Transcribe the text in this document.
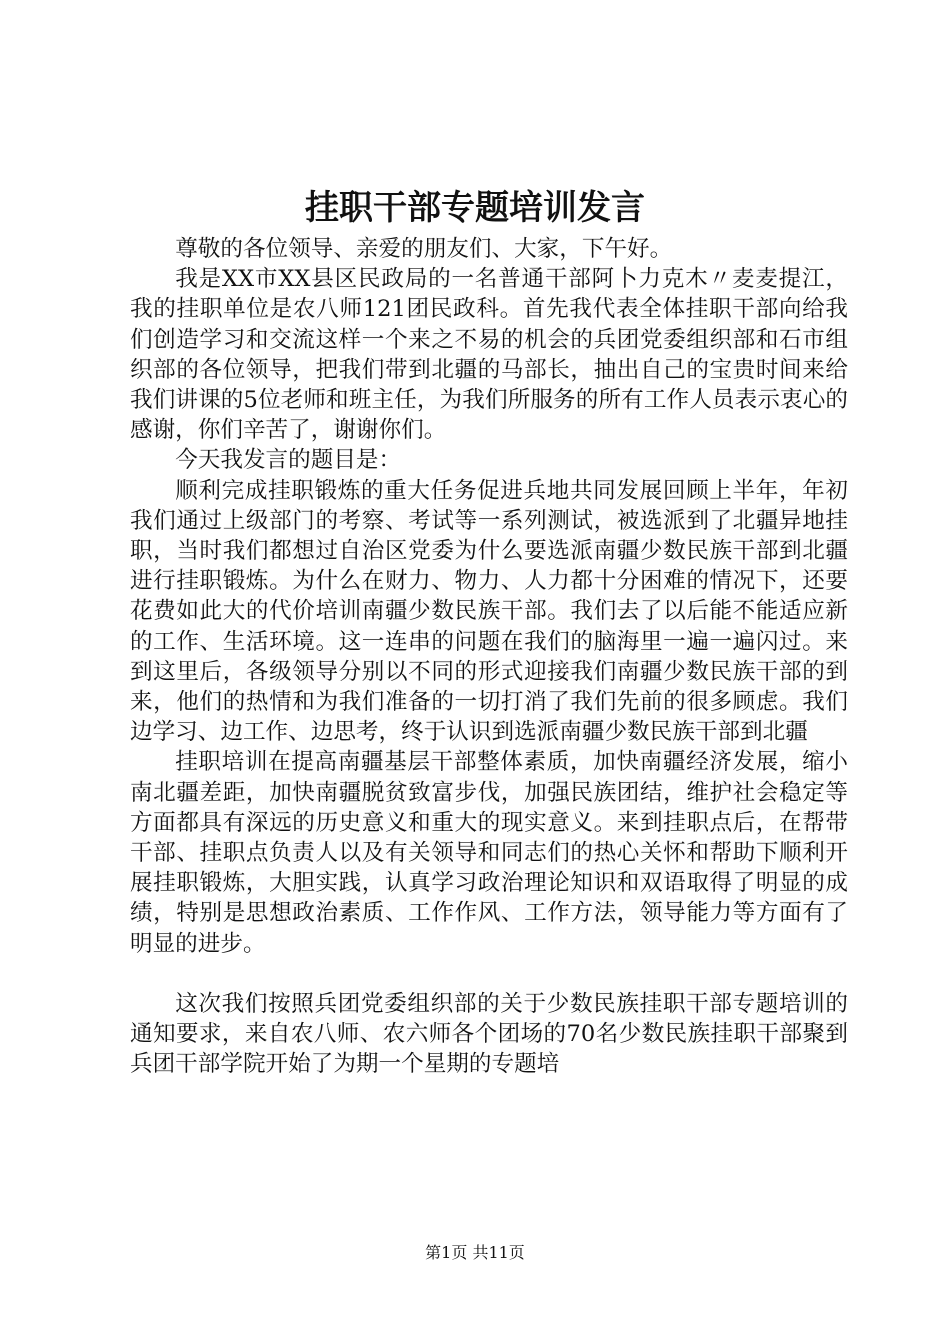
挂职干部专题培训发言

尊敬的各位领导、亲爱的朋友们、大家，下午好。

我是XX市XX县区民政局的一名普通干部阿卜力克木〃麦麦提江，我的挂职单位是农八师121团民政科。首先我代表全体挂职干部向给我们创造学习和交流这样一个来之不易的机会的兵团党委组织部和石市组织部的各位领导，把我们带到北疆的马部长，抽出自己的宝贵时间来给我们讲课的5位老师和班主任，为我们所服务的所有工作人员表示衷心的感谢，你们辛苦了，谢谢你们。

今天我发言的题目是：

顺利完成挂职锻炼的重大任务促进兵地共同发展回顾上半年，年初我们通过上级部门的考察、考试等一系列测试，被选派到了北疆异地挂职，当时我们都想过自治区党委为什么要选派南疆少数民族干部到北疆进行挂职锻炼。为什么在财力、物力、人力都十分困难的情况下，还要花费如此大的代价培训南疆少数民族干部。我们去了以后能不能适应新的工作、生活环境。这一连串的问题在我们的脑海里一遍一遍闪过。来到这里后，各级领导分别以不同的形式迎接我们南疆少数民族干部的到来，他们的热情和为我们准备的一切打消了我们先前的很多顾虑。我们边学习、边工作、边思考，终于认识到选派南疆少数民族干部到北疆

挂职培训在提高南疆基层干部整体素质，加快南疆经济发展，缩小南北疆差距，加快南疆脱贫致富步伐，加强民族团结，维护社会稳定等方面都具有深远的历史意义和重大的现实意义。来到挂职点后，在帮带干部、挂职点负责人以及有关领导和同志们的热心关怀和帮助下顺利开展挂职锻炼，大胆实践，认真学习政治理论知识和双语取得了明显的成绩，特别是思想政治素质、工作作风、工作方法，领导能力等方面有了明显的进步。

这次我们按照兵团党委组织部的关于少数民族挂职干部专题培训的通知要求，来自农八师、农六师各个团场的70名少数民族挂职干部聚到兵团干部学院开始了为期一个星期的专题培

第1页 共11页
